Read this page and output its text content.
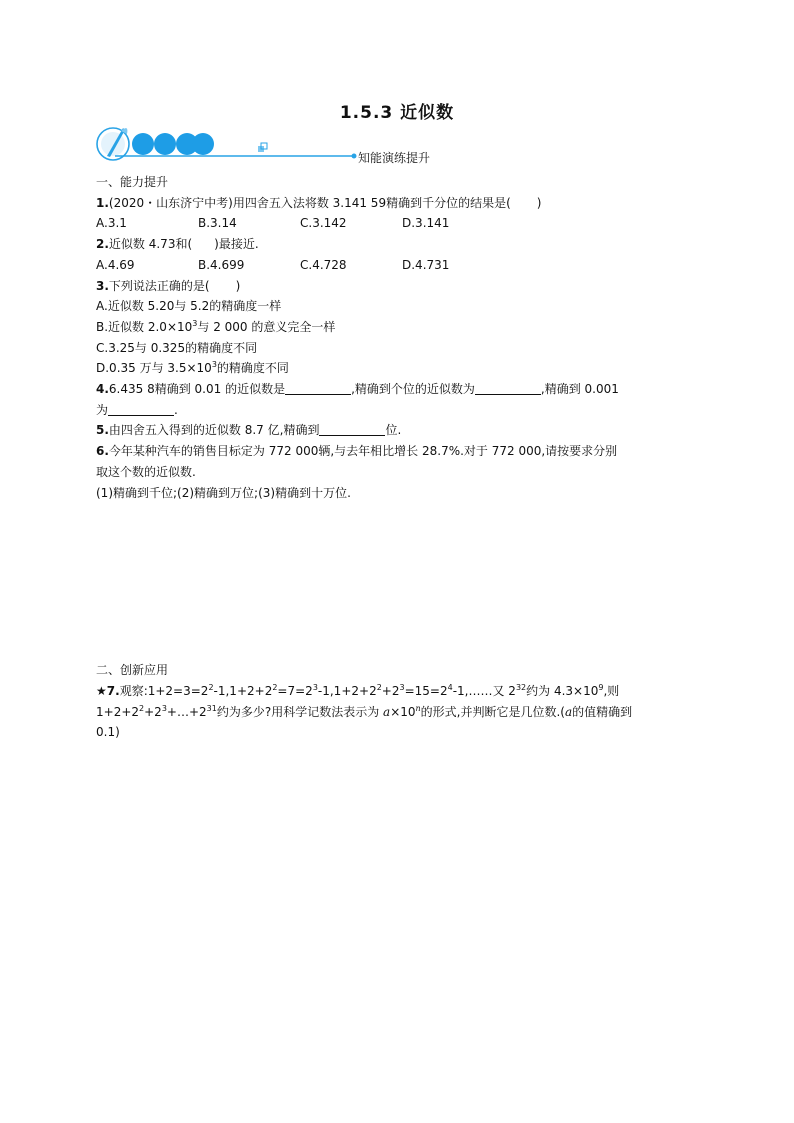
1.5.3 近似数
知能演练提升
一、能力提升
1.(2020・山东济宁中考)用四舍五入法将数 3.141 59精确到千分位的结果是( )
A.3.1	B.3.14	C.3.142	D.3.141
2.近似数 4.73和( )最接近.
A.4.69	B.4.699	C.4.728	D.4.731
3.下列说法正确的是( )
A.近似数 5.20与 5.2的精确度一样
B.近似数 $2.0\times 10^3$与 2 000 的意义完全一样
C.3.25与 0.325的精确度不同
D.0.35 万与 $3.5\times 10^3$的精确度不同
4.6.435 8精确到 0.01 的近似数是	,精确到个位的近似数为	,精确到 0.001
为	.
5.由四舍五入得到的近似数 8.7 亿,精确到	位.
6.今年某种汽车的销售目标定为 772 000辆,与去年相比增长 28.7%.对于 772 000,请按要求分别
取这个数的近似数.
(1)精确到千位;(2)精确到万位;(3)精确到十万位.
二、创新应用
★7.观察$:1+2=3=2^2-1,1+2+2^2=7=2^3-1,1+2+2^2+2^3=15=2^4-1,\dots\dots$又 $2^{32}$约为 $4.3\times 10^9$,则
$1+2+2^2+2^3+\dots+2^{31}$约为多少?用科学记数法表示为 $a\times 10^n$的形式,并判断它是几位数.(a的值精确到
0.1)
